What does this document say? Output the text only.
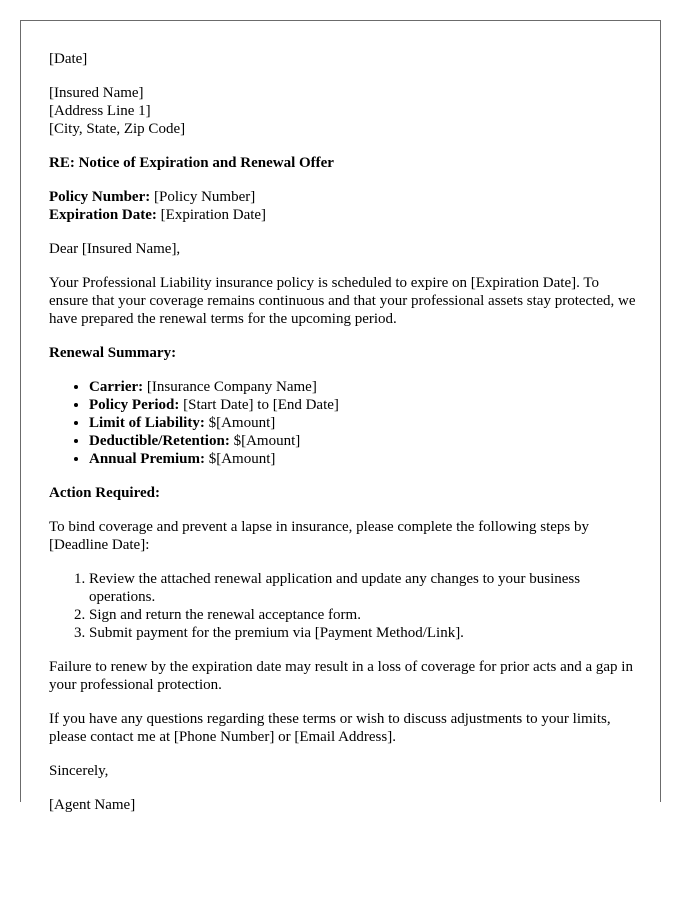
[Date]

[Insured Name]
[Address Line 1]
[City, State, Zip Code]

RE: Notice of Expiration and Renewal Offer

Policy Number: [Policy Number]
Expiration Date: [Expiration Date]

Dear [Insured Name],

Your Professional Liability insurance policy is scheduled to expire on [Expiration Date]. To ensure that your coverage remains continuous and that your professional assets stay protected, we have prepared the renewal terms for the upcoming period.

Renewal Summary:

• Carrier: [Insurance Company Name]
• Policy Period: [Start Date] to [End Date]
• Limit of Liability: $[Amount]
• Deductible/Retention: $[Amount]
• Annual Premium: $[Amount]

Action Required:

To bind coverage and prevent a lapse in insurance, please complete the following steps by [Deadline Date]:

1. Review the attached renewal application and update any changes to your business operations.
2. Sign and return the renewal acceptance form.
3. Submit payment for the premium via [Payment Method/Link].

Failure to renew by the expiration date may result in a loss of coverage for prior acts and a gap in your professional protection.

If you have any questions regarding these terms or wish to discuss adjustments to your limits, please contact me at [Phone Number] or [Email Address].

Sincerely,

[Agent Name]
